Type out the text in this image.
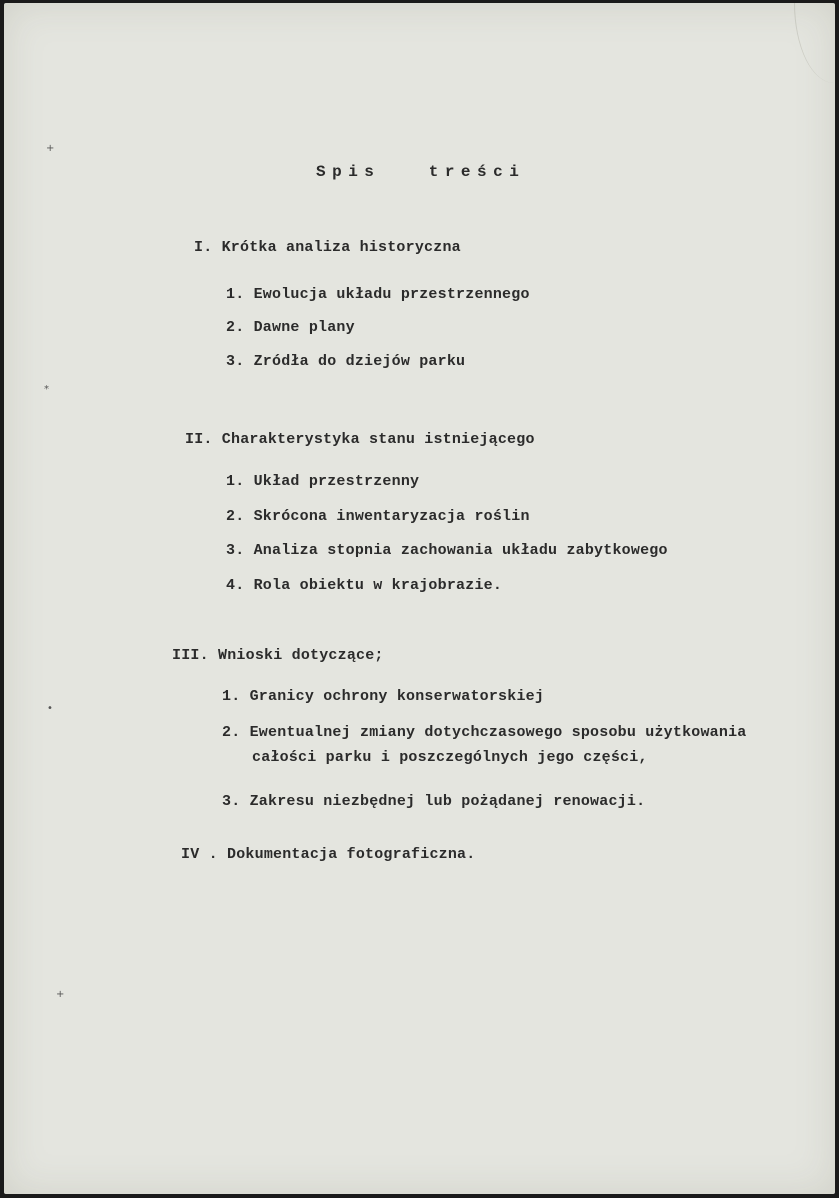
+
*
•
+
Spis   treści
I. Krótka analiza historyczna
1. Ewolucja układu przestrzennego
2. Dawne plany
3. Zródła do dziejów parku
II. Charakterystyka stanu istniejącego
1. Układ przestrzenny
2. Skrócona inwentaryzacja roślin
3. Analiza stopnia zachowania układu zabytkowego
4. Rola obiektu w krajobrazie.
III. Wnioski dotyczące;
1. Granicy ochrony konserwatorskiej
2. Ewentualnej zmiany dotychczasowego sposobu użytkowania
całości parku i poszczególnych jego części,
3. Zakresu niezbędnej lub pożądanej renowacji.
IV . Dokumentacja fotograficzna.
